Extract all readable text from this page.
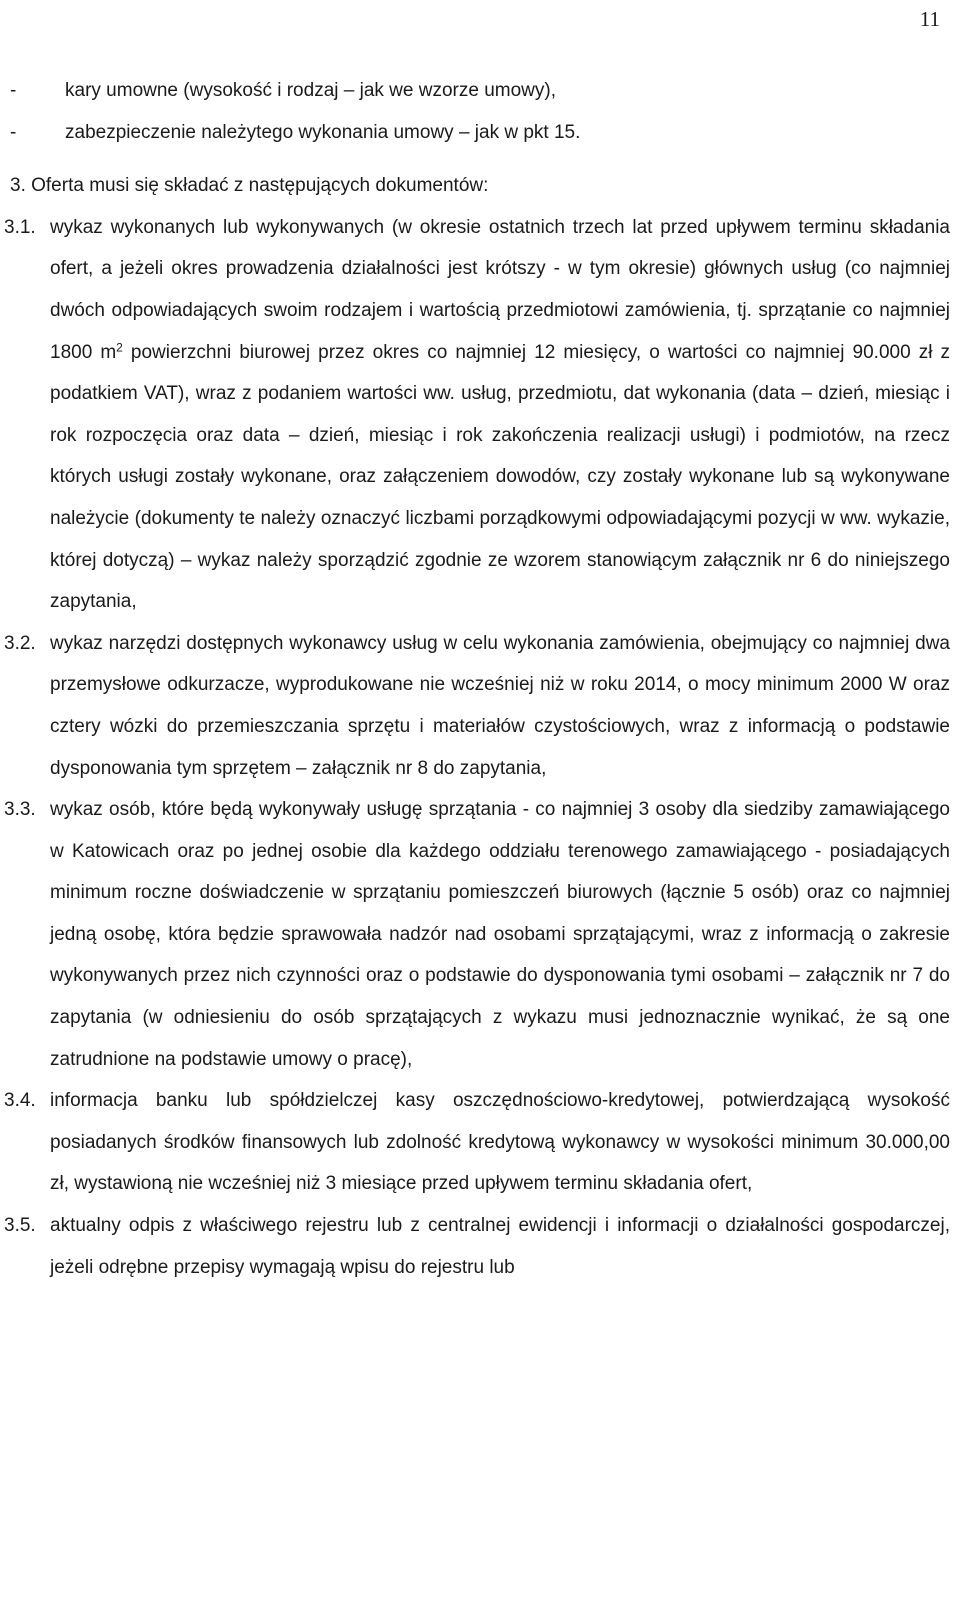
11
-	kary umowne (wysokość i rodzaj – jak we wzorze umowy),
-	zabezpieczenie należytego wykonania umowy – jak w pkt 15.
3. Oferta musi się składać z następujących dokumentów:
3.1. wykaz wykonanych lub wykonywanych (w okresie ostatnich trzech lat przed upływem terminu składania ofert, a jeżeli okres prowadzenia działalności jest krótszy - w tym okresie) głównych usług (co najmniej dwóch odpowiadających swoim rodzajem i wartością przedmiotowi zamówienia, tj. sprzątanie co najmniej 1800 $m^2$ powierzchni biurowej przez okres co najmniej 12 miesięcy, o wartości co najmniej 90.000 zł z podatkiem VAT), wraz z podaniem wartości ww. usług, przedmiotu, dat wykonania (data – dzień, miesiąc i rok rozpoczęcia oraz data – dzień, miesiąc i rok zakończenia realizacji usługi) i podmiotów, na rzecz których usługi zostały wykonane, oraz załączeniem dowodów, czy zostały wykonane lub są wykonywane należycie (dokumenty te należy oznaczyć liczbami porządkowymi odpowiadającymi pozycji w ww. wykazie, której dotyczą) – wykaz należy sporządzić zgodnie ze wzorem stanowiącym załącznik nr 6 do niniejszego zapytania,
3.2. wykaz narzędzi dostępnych wykonawcy usług w celu wykonania zamówienia, obejmujący co najmniej dwa przemysłowe odkurzacze, wyprodukowane nie wcześniej niż w roku 2014, o mocy minimum 2000 W oraz cztery wózki do przemieszczania sprzętu i materiałów czystościowych, wraz z informacją o podstawie dysponowania tym sprzętem – załącznik nr 8 do zapytania,
3.3. wykaz osób, które będą wykonywały usługę sprzątania - co najmniej 3 osoby dla siedziby zamawiającego w Katowicach oraz po jednej osobie dla każdego oddziału terenowego zamawiającego - posiadających minimum roczne doświadczenie w sprzątaniu pomieszczeń biurowych (łącznie 5 osób) oraz co najmniej jedną osobę, która będzie sprawowała nadzór nad osobami sprzątającymi, wraz z informacją o zakresie wykonywanych przez nich czynności oraz o podstawie do dysponowania tymi osobami – załącznik nr 7 do zapytania (w odniesieniu do osób sprzątających z wykazu musi jednoznacznie wynikać, że są one zatrudnione na podstawie umowy o pracę),
3.4. informacja banku lub spółdzielczej kasy oszczędnościowo-kredytowej, potwierdzającą wysokość posiadanych środków finansowych lub zdolność kredytową wykonawcy w wysokości minimum 30.000,00 zł, wystawioną nie wcześniej niż 3 miesiące przed upływem terminu składania ofert,
3.5. aktualny odpis z właściwego rejestru lub z centralnej ewidencji i informacji o działalności gospodarczej, jeżeli odrębne przepisy wymagają wpisu do rejestru lub
